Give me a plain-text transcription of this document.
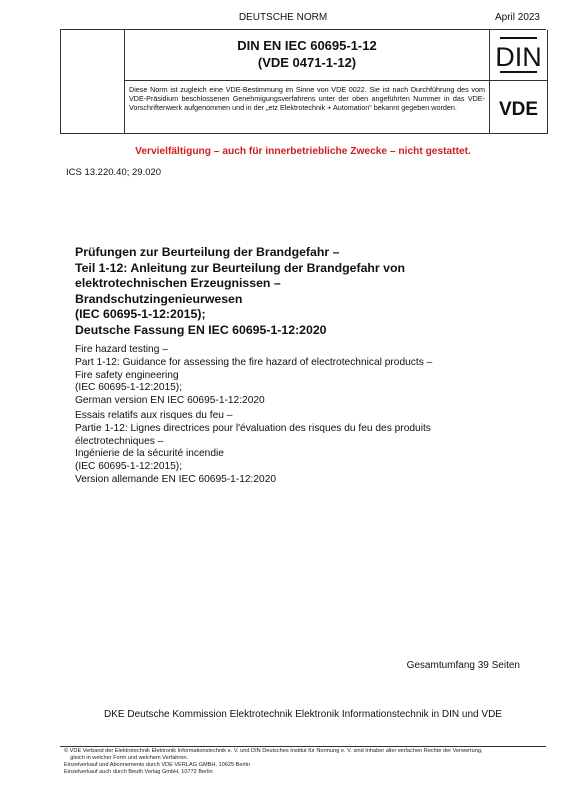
DEUTSCHE NORM	April 2023
DIN EN IEC 60695-1-12
(VDE 0471-1-12)	DIN
Diese Norm ist zugleich eine VDE-Bestimmung im Sinne von VDE 0022. Sie ist nach Durchführung des vom VDE-Präsidium beschlossenen Genehmigungsverfahrens unter der oben angeführten Nummer in das VDE-Vorschriftenwerk aufgenommen und in der „etz Elektrotechnik + Automation“ bekannt gegeben worden.	VDE
Vervielfältigung – auch für innerbetriebliche Zwecke – nicht gestattet.
ICS 13.220.40; 29.020
Prüfungen zur Beurteilung der Brandgefahr –
Teil 1-12: Anleitung zur Beurteilung der Brandgefahr von
elektrotechnischen Erzeugnissen –
Brandschutzingenieurwesen
(IEC 60695-1-12:2015);
Deutsche Fassung EN IEC 60695-1-12:2020
Fire hazard testing –
Part 1-12: Guidance for assessing the fire hazard of electrotechnical products –
Fire safety engineering
(IEC 60695-1-12:2015);
German version EN IEC 60695-1-12:2020
Essais relatifs aux risques du feu –
Partie 1-12: Lignes directrices pour l'évaluation des risques du feu des produits
électrotechniques –
Ingénierie de la sécurité incendie
(IEC 60695-1-12:2015);
Version allemande EN IEC 60695-1-12:2020
Gesamtumfang 39 Seiten
DKE Deutsche Kommission Elektrotechnik Elektronik Informationstechnik in DIN und VDE
© VDE Verband der Elektrotechnik Elektronik Informationstechnik e. V. und DIN Deutsches Institut für Normung e. V. sind Inhaber aller einfachen Rechte der Verwertung,
gleich in welcher Form und welchem Verfahren.
Einzelverkauf und Abonnements durch VDE VERLAG GMBH, 10625 Berlin
Einzelverkauf auch durch Beuth Verlag GmbH, 10772 Berlin
